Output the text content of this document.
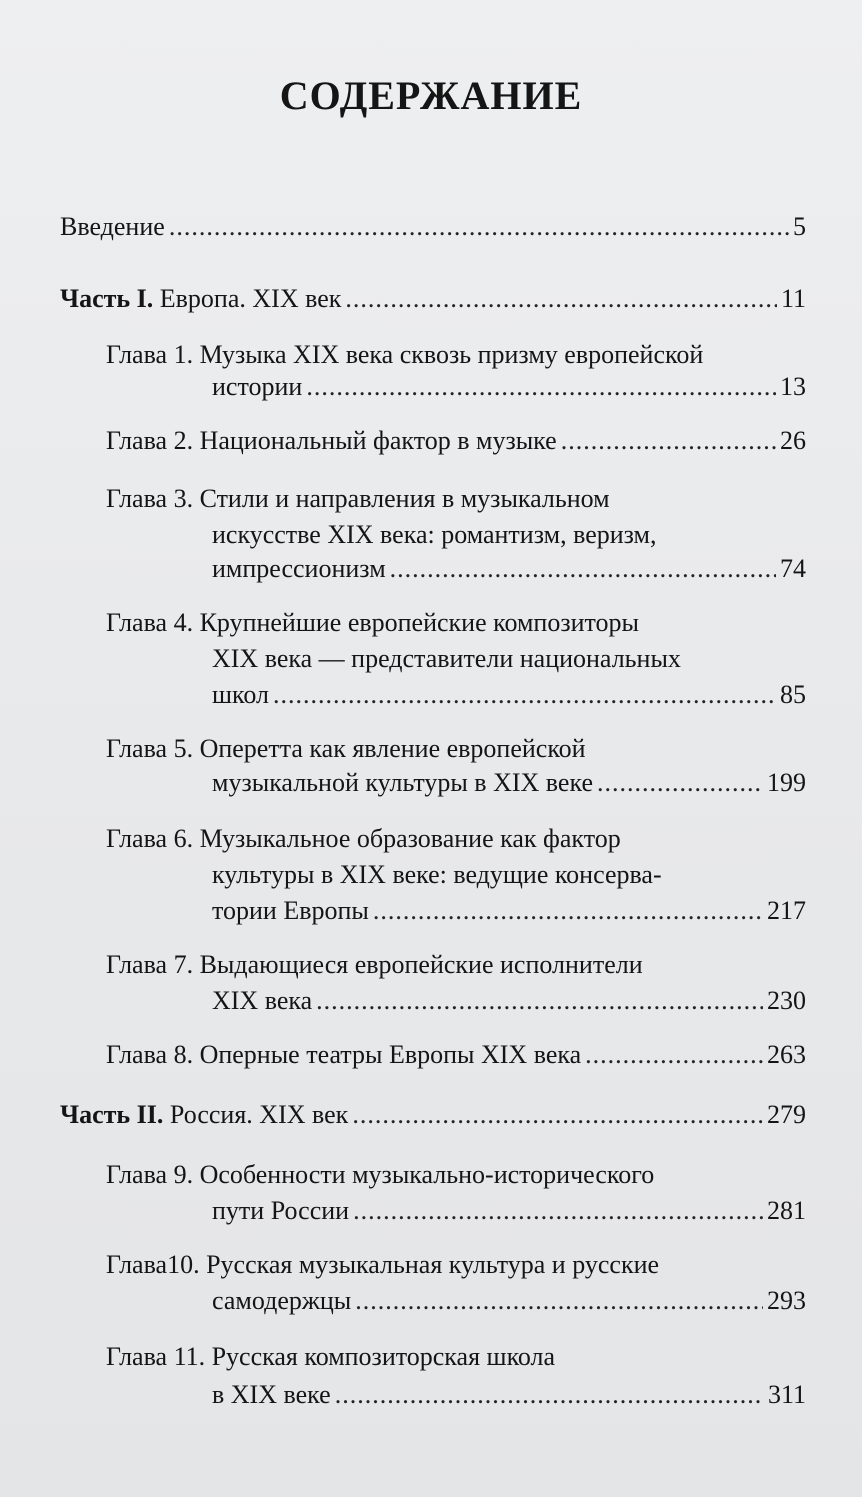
СОДЕРЖАНИЕ
Введение .....	5
Часть I. Европа. XIX век .....	11
Глава 1. Музыка XIX века сквозь призму европейской
истории .....	13
Глава 2. Национальный фактор в музыке .....	26
Глава 3. Стили и направления в музыкальном
искусстве XIX века: романтизм, веризм,
импрессионизм .....	74
Глава 4. Крупнейшие европейские композиторы
XIX века — представители национальных
школ .....	85
Глава 5. Оперетта как явление европейской
музыкальной культуры в XIX веке .....	199
Глава 6. Музыкальное образование как фактор
культуры в XIX веке: ведущие консерва-
тории Европы .....	217
Глава 7. Выдающиеся европейские исполнители
XIX века .....	230
Глава 8. Оперные театры Европы XIX века .....	263
Часть II. Россия. XIX век .....	279
Глава 9. Особенности музыкально-исторического
пути России .....	281
Глава10. Русская музыкальная культура и русские
самодержцы .....	293
Глава 11. Русская композиторская школа
в XIX веке .....	311
